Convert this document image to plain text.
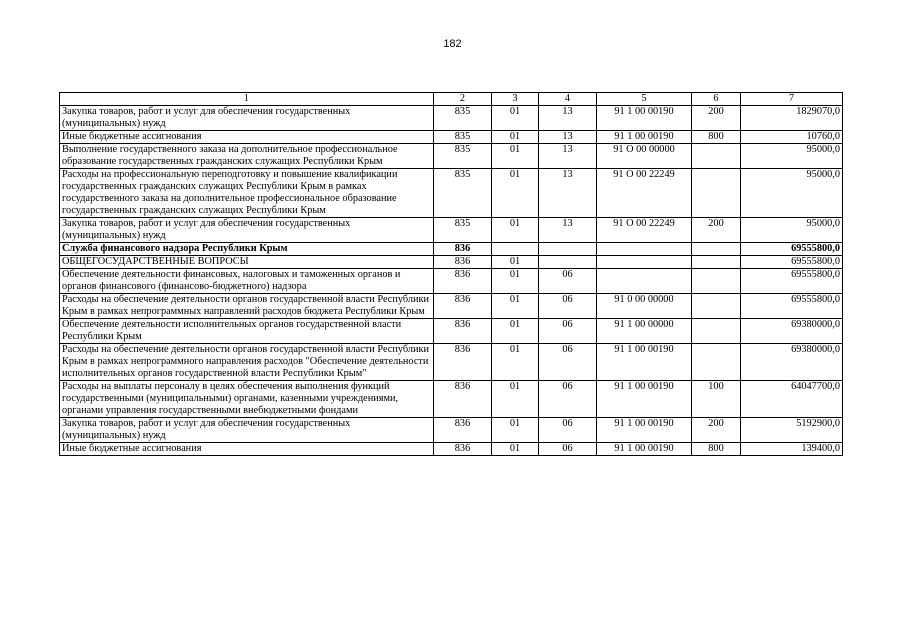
182
1	2	3	4	5	6	7
Закупка товаров, работ и услуг для обеспечения государственных (муниципальных) нужд	835	01	13	91 1 00 00190	200	1829070,0
Иные бюджетные ассигнования	835	01	13	91 1 00 00190	800	10760,0
Выполнение государственного заказа на дополнительное профессиональное образование государственных гражданских служащих Республики Крым	835	01	13	91 О 00 00000		95000,0
Расходы на профессиональную переподготовку и повышение квалификации государственных гражданских служащих Республики Крым в рамках государственного заказа на дополнительное профессиональное образование государственных гражданских служащих Республики Крым	835	01	13	91 О 00 22249		95000,0
Закупка товаров, работ и услуг для обеспечения государственных (муниципальных) нужд	835	01	13	91 О 00 22249	200	95000,0
Служба финансового надзора Республики Крым	836					69555800,0
ОБЩЕГОСУДАРСТВЕННЫЕ ВОПРОСЫ	836	01				69555800,0
Обеспечение деятельности финансовых, налоговых и таможенных органов и органов финансового (финансово-бюджетного) надзора	836	01	06			69555800,0
Расходы на обеспечение деятельности органов государственной власти Республики Крым в рамках непрограммных направлений расходов бюджета Республики Крым	836	01	06	91 0 00 00000		69555800,0
Обеспечение деятельности исполнительных органов государственной власти Республики Крым	836	01	06	91 1 00 00000		69380000,0
Расходы на обеспечение деятельности органов государственной власти Республики Крым в рамках непрограммного направления расходов "Обеспечение деятельности исполнительных органов государственной власти Республики Крым"	836	01	06	91 1 00 00190		69380000,0
Расходы на выплаты персоналу в целях обеспечения выполнения функций государственными (муниципальными) органами, казенными учреждениями, органами управления государственными внебюджетными фондами	836	01	06	91 1 00 00190	100	64047700,0
Закупка товаров, работ и услуг для обеспечения государственных (муниципальных) нужд	836	01	06	91 1 00 00190	200	5192900,0
Иные бюджетные ассигнования	836	01	06	91 1 00 00190	800	139400,0
